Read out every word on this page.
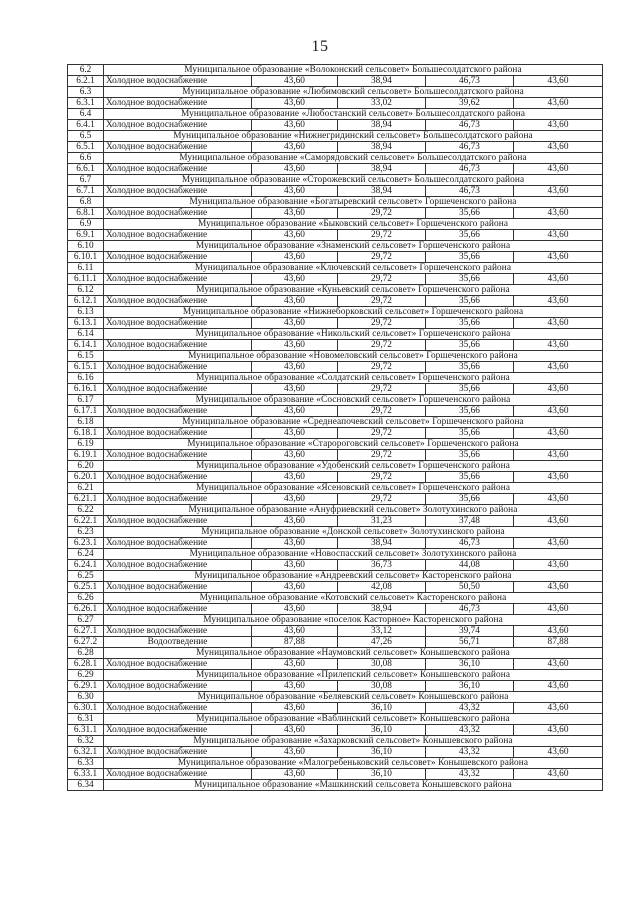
15
6.2	Муниципальное образование «Волоконский сельсовет» Большесолдатского района				
6.2.1	Холодное водоснабжение	43,60	38,94	46,73	43,60
6.3	Муниципальное образование «Любимовский сельсовет» Большесолдатского района				
6.3.1	Холодное водоснабжение	43,60	33,02	39,62	43,60
6.4	Муниципальное образование «Любостанский сельсовет» Большесолдатского района				
6.4.1	Холодное водоснабжение	43,60	38,94	46,73	43,60
6.5	Муниципальное образование «Нижнегридинский сельсовет» Большесолдатского района				
6.5.1	Холодное водоснабжение	43,60	38,94	46,73	43,60
6.6	Муниципальное образование «Саморядовский сельсовет» Большесолдатского района				
6.6.1	Холодное водоснабжение	43,60	38,94	46,73	43,60
6.7	Муниципальное образование «Сторожевский сельсовет» Большесолдатского района				
6.7.1	Холодное водоснабжение	43,60	38,94	46,73	43,60
6.8	Муниципальное образование «Богатыревский сельсовет» Горшеченского района				
6.8.1	Холодное водоснабжение	43,60	29,72	35,66	43,60
6.9	Муниципальное образование «Быковский сельсовет» Горшеченского района				
6.9.1	Холодное водоснабжение	43,60	29,72	35,66	43,60
6.10	Муниципальное образование «Знаменский сельсовет» Горшеченского района				
6.10.1	Холодное водоснабжение	43,60	29,72	35,66	43,60
6.11	Муниципальное образование «Ключевский сельсовет» Горшеченского района				
6.11.1	Холодное водоснабжение	43,60	29,72	35,66	43,60
6.12	Муниципальное образование «Куньевский сельсовет» Горшеченского района				
6.12.1	Холодное водоснабжение	43,60	29,72	35,66	43,60
6.13	Муниципальное образование «Нижнеборковский сельсовет» Горшеченского района				
6.13.1	Холодное водоснабжение	43,60	29,72	35,66	43,60
6.14	Муниципальное образование «Никольский сельсовет» Горшеченского района				
6.14.1	Холодное водоснабжение	43,60	29,72	35,66	43,60
6.15	Муниципальное образование «Новомеловский сельсовет» Горшеченского района				
6.15.1	Холодное водоснабжение	43,60	29,72	35,66	43,60
6.16	Муниципальное образование «Солдатский сельсовет» Горшеченского района				
6.16.1	Холодное водоснабжение	43,60	29,72	35,66	43,60
6.17	Муниципальное образование «Сосновский сельсовет» Горшеченского района				
6.17.1	Холодное водоснабжение	43,60	29,72	35,66	43,60
6.18	Муниципальное образование «Среднеапочевский сельсовет» Горшеченского района				
6.18.1	Холодное водоснабжение	43,60	29,72	35,66	43,60
6.19	Муниципальное образование «Старороговский сельсовет» Горшеченского района				
6.19.1	Холодное водоснабжение	43,60	29,72	35,66	43,60
6.20	Муниципальное образование «Удобенский сельсовет» Горшеченского района				
6.20.1	Холодное водоснабжение	43,60	29,72	35,66	43,60
6.21	Муниципальное образование «Ясеновский сельсовет» Горшеченского района				
6.21.1	Холодное водоснабжение	43,60	29,72	35,66	43,60
6.22	Муниципальное образование «Ануфриевский сельсовет» Золотухинского района				
6.22.1	Холодное водоснабжение	43,60	31,23	37,48	43,60
6.23	Муниципальное образование «Донской сельсовет» Золотухинского района				
6.23.1	Холодное водоснабжение	43,60	38,94	46,73	43,60
6.24	Муниципальное образование «Новоспасский сельсовет» Золотухинского района				
6.24.1	Холодное водоснабжение	43,60	36,73	44,08	43,60
6.25	Муниципальное образование «Андреевский сельсовет» Касторенского района				
6.25.1	Холодное водоснабжение	43,60	42,08	50,50	43,60
6.26	Муниципальное образование «Котовский сельсовет» Касторенского района				
6.26.1	Холодное водоснабжение	43,60	38,94	46,73	43,60
6.27	Муниципальное образование «поселок Касторное» Касторенского района				
6.27.1	Холодное водоснабжение	43,60	33,12	39,74	43,60
6.27.2	Водоотведение	87,88	47,26	56,71	87,88
6.28	Муниципальное образование «Наумовский сельсовет» Конышевского района				
6.28.1	Холодное водоснабжение	43,60	30,08	36,10	43,60
6.29	Муниципальное образование «Прилепский сельсовет» Конышевского района				
6.29.1	Холодное водоснабжение	43,60	30,08	36,10	43,60
6.30	Муниципальное образование «Беляевский сельсовет» Конышевского района				
6.30.1	Холодное водоснабжение	43,60	36,10	43,32	43,60
6.31	Муниципальное образование «Ваблинский сельсовет» Конышевского района				
6.31.1	Холодное водоснабжение	43,60	36,10	43,32	43,60
6.32	Муниципальное образование «Захарковский сельсовет» Конышевского района				
6.32.1	Холодное водоснабжение	43,60	36,10	43,32	43,60
6.33	Муниципальное образование «Малогребеньковский сельсовет» Конышевского района				
6.33.1	Холодное водоснабжение	43,60	36,10	43,32	43,60
6.34	Муниципальное образование «Машкинский сельсовета Конышевского района				
